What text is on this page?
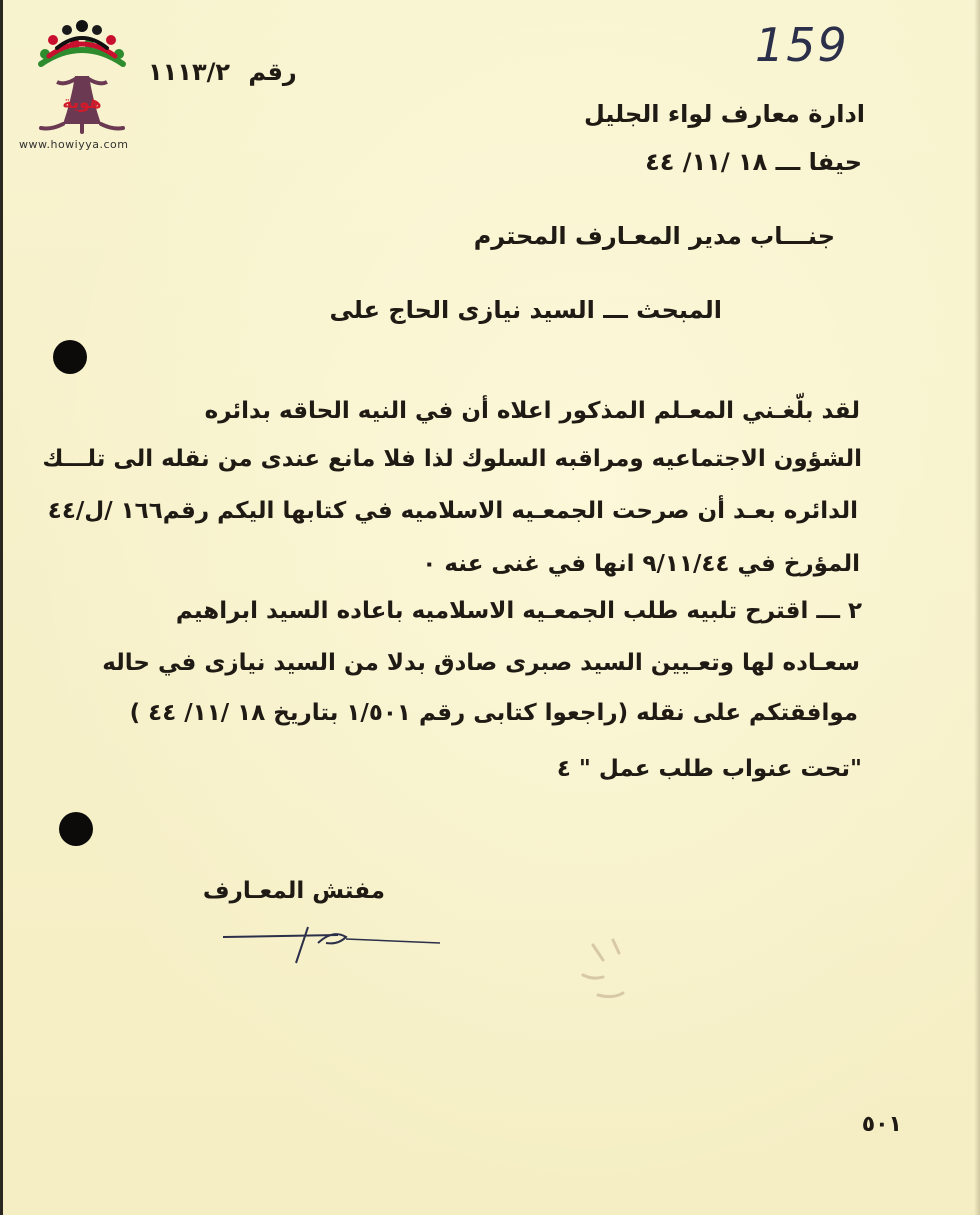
هوية
www.howiyya.com
159
١١١٣/٢ رقم
ادارة معارف لواء الجليل
حيفا ـــ ١٨ /١١/ ٤٤
جنـــاب مدير المعـارف المحترم
المبحث ـــ السيد نيازى الحاج على
لقد بلّغـني المعـلم المذكور اعلاه أن في النيه الحاقه بدائره
الشؤون الاجتماعيه ومراقبه السلوك لذا فلا مانع عندى من نقله الى تلـــك
الدائره بعـد أن صرحت الجمعـيه الاسلاميه في كتابها اليكم رقم١٦٦ /ل/٤٤
المؤرخ في ٩/١١/٤٤ انها في غنى عنه ٠
٢ ـــ اقترح تلبيه طلب الجمعـيه الاسلاميه باعاده السيد ابراهيم
سعـاده لها وتعـيين السيد صبرى صادق بدلا من السيد نيازى في حاله
موافقتكم على نقله (راجعوا كتابى رقم ١/٥٠١ بتاريخ ١٨ /١١/ ٤٤ )
"تحت عنواب طلب عمل " ٤
مفتش المعـارف
٥٠١
